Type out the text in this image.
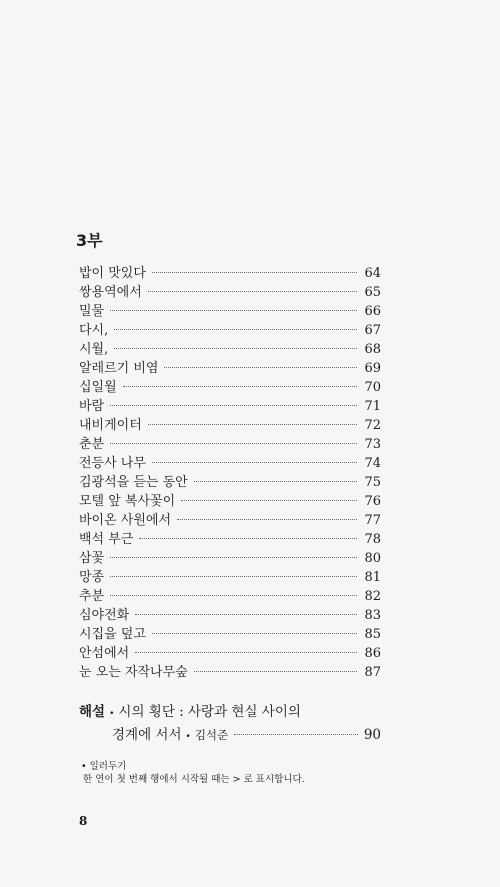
3부
밥이 맛있다	64
쌍용역에서	65
밀물	66
다시,	67
시월,	68
알레르기 비염	69
십일월	70
바람	71
내비게이터	72
춘분	73
전등사 나무	74
김광석을 듣는 동안	75
모텔 앞 복사꽃이	76
바이온 사원에서	77
백석 부근	78
삼꽃	80
망종	81
추분	82
심야전화	83
시집을 덮고	85
안섬에서	86
눈 오는 자작나무숲	87
해설 • 시의 횡단 : 사랑과 현실 사이의
경계에 서서 • 김석준	90
• 일러두기
한 연이 첫 번째 행에서 시작될 때는 > 로 표시합니다.
8
